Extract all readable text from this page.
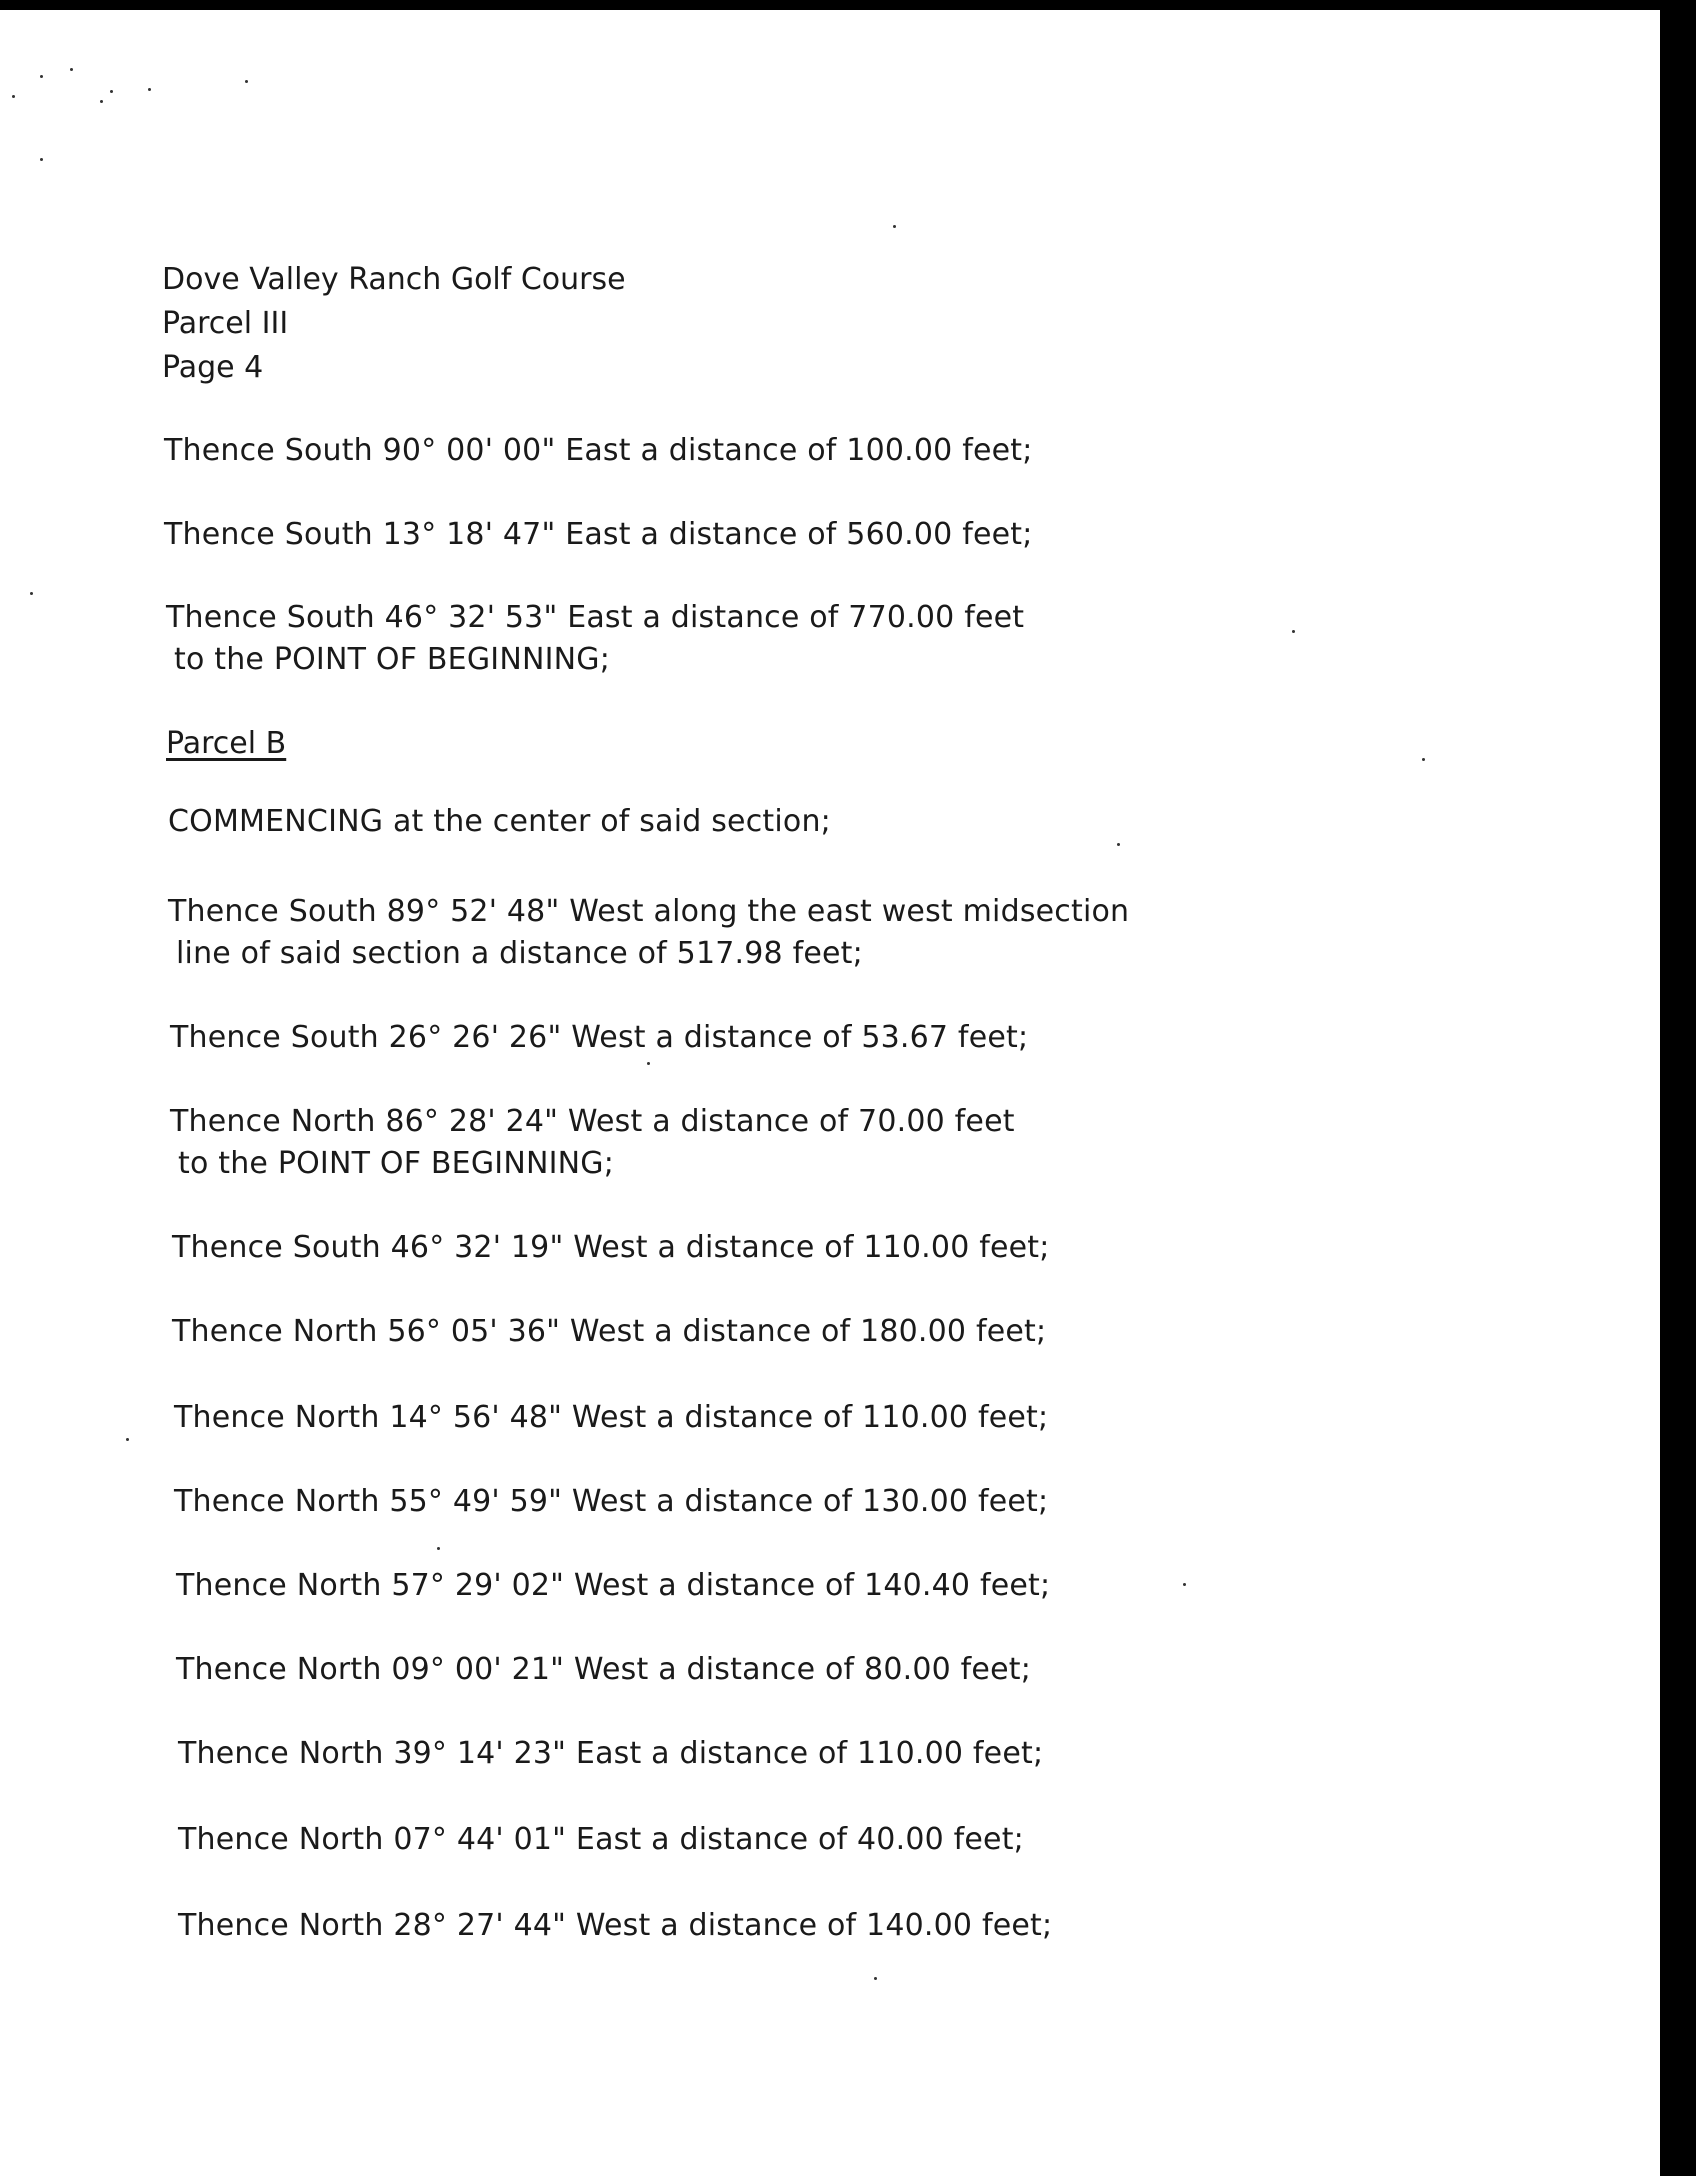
Dove Valley Ranch Golf Course
Parcel III
Page 4
Thence South 90° 00' 00" East a distance of 100.00 feet;
Thence South 13° 18' 47" East a distance of 560.00 feet;
Thence South 46° 32' 53" East a distance of 770.00 feet
to the POINT OF BEGINNING;
Parcel B
COMMENCING at the center of said section;
Thence South 89° 52' 48" West along the east west midsection
line of said section a distance of 517.98 feet;
Thence South 26° 26' 26" West a distance of 53.67 feet;
Thence North 86° 28' 24" West a distance of 70.00 feet
to the POINT OF BEGINNING;
Thence South 46° 32' 19" West a distance of 110.00 feet;
Thence North 56° 05' 36" West a distance of 180.00 feet;
Thence North 14° 56' 48" West a distance of 110.00 feet;
Thence North 55° 49' 59" West a distance of 130.00 feet;
Thence North 57° 29' 02" West a distance of 140.40 feet;
Thence North 09° 00' 21" West a distance of 80.00 feet;
Thence North 39° 14' 23" East a distance of 110.00 feet;
Thence North 07° 44' 01" East a distance of 40.00 feet;
Thence North 28° 27' 44" West a distance of 140.00 feet;
